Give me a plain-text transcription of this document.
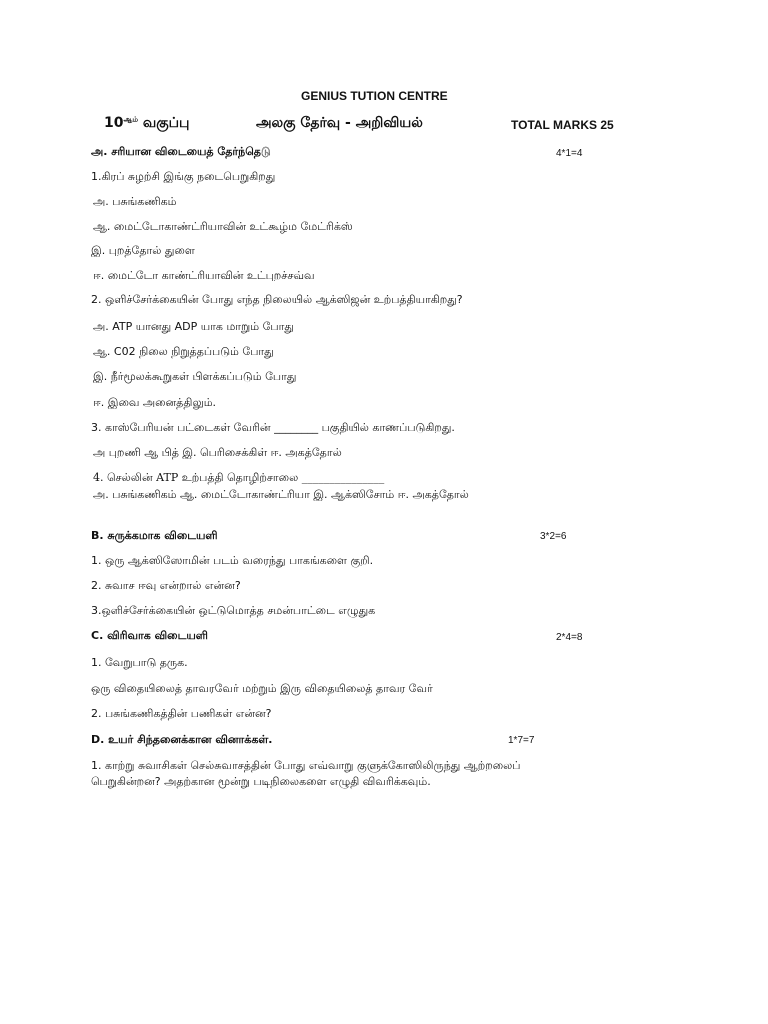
GENIUS TUTION CENTRE
$10^{ஆம்}$ வகுப்பு	அலகு தேர்வு - அறிவியல்	TOTAL MARKS 25
அ. சரியான விடையைத் தேர்ந்தெடு	4*1=4
1.கிரப் சுழற்சி இங்கு நடைபெறுகிறது
அ. பசுங்கணிகம்
ஆ. மைட்டோகாண்ட்ரியாவின் உட்கூழ்ம மேட்ரிக்ஸ்
இ. புறத்தோல் துளை
ஈ. மைட்டோ காண்ட்ரியாவின் உட்புறச்சவ்வ
2. ஒளிச்சேர்க்கையின் போது எந்த நிலையில் ஆக்ஸிஜன் உற்பத்தியாகிறது?
அ. ATP யானது ADP யாக மாறும் போது
ஆ. C02 நிலை நிறுத்தப்படும் போது
இ. நீர்மூலக்கூறுகள் பிளக்கப்படும் போது
ஈ. இவை அனைத்திலும்.
3. காஸ்பேரியன் பட்டைகள் வேரின் ________ பகுதியில் காணப்படுகிறது.
அ புறணி ஆ பித் இ. பெரிசைக்கிள் ஈ. அகத்தோல்
4. செல்லின் ATP உற்பத்தி தொழிற்சாலை _______________
அ. பசுங்கணிகம் ஆ. மைட்டோகாண்ட்ரியா இ. ஆக்ஸிசோம் ஈ. அகத்தோல்
B. சுருக்கமாக விடையளி	3*2=6
1. ஒரு ஆக்ஸிஸோமின் படம் வரைந்து பாகங்களை குறி.
2. சுவாச ஈவு என்றால் என்ன?
3.ஒளிச்சேர்க்கையின் ஒட்டுமொத்த சமன்பாட்டை எழுதுக
C. விரிவாக விடையளி	2*4=8
1. வேறுபாடு தருக.
ஒரு விதையிலைத் தாவரவேர் மற்றும் இரு விதையிலைத் தாவர வேர்
2. பசுங்கணிகத்தின் பணிகள் என்ன?
D. உயர் சிந்தனைக்கான வினாக்கள்.	1*7=7
1. காற்று சுவாசிகள் செல்சுவாசத்தின் போது எவ்வாறு குளுக்கோஸிலிருந்து ஆற்றலைப்
பெறுகின்றன? அதற்கான மூன்று படிநிலைகளை எழுதி விவரிக்கவும்.
